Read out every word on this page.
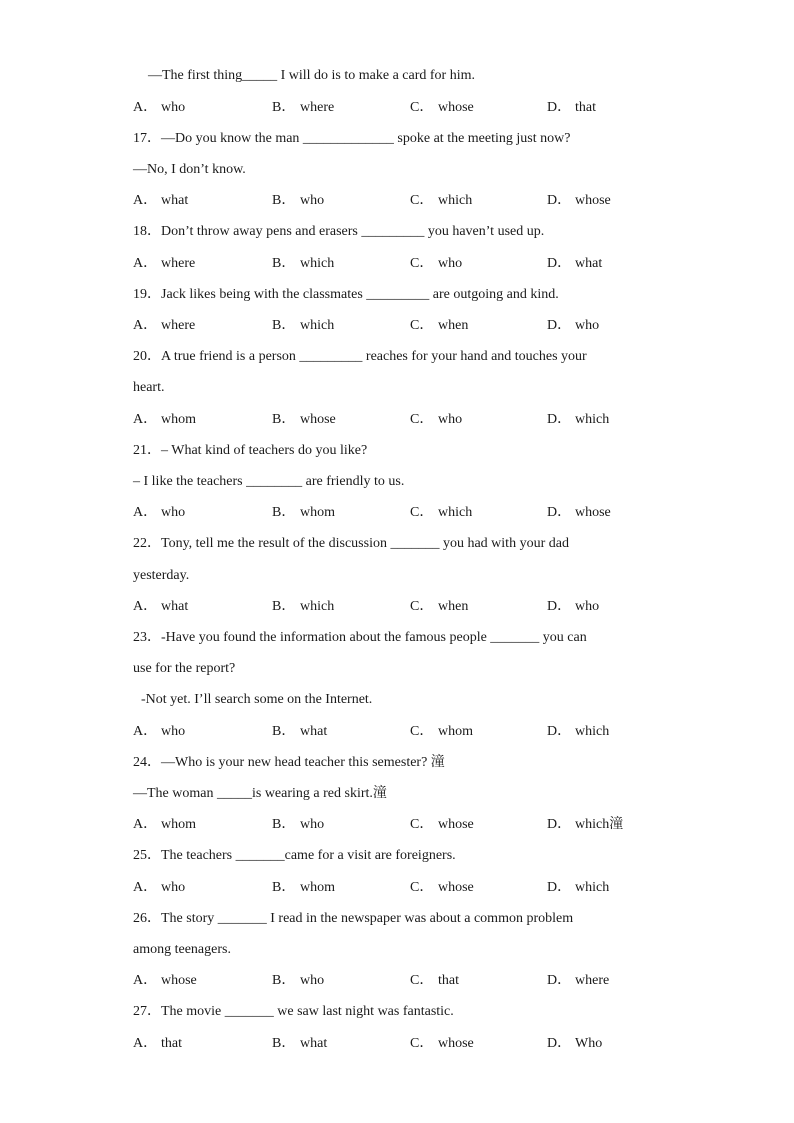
—The first thing_____ I will do is to make a card for him.
A． who	B． where	C． whose	D． that
17．—Do you know the man _____________ spoke at the meeting just now?
—No, I don’t know.
A． what	B． who	C． which	D． whose
18．Don’t throw away pens and erasers _________ you haven’t used up.
A． where	B． which	C． who	D． what
19．Jack likes being with the classmates _________ are outgoing and kind.
A． where	B． which	C． when	D． who
20．A true friend is a person _________ reaches for your hand and touches your
heart.
A． whom	B． whose	C． who	D． which
21．– What kind of teachers do you like?
– I like the teachers ________ are friendly to us.
A． who	B． whom	C． which	D． whose
22．Tony, tell me the result of the discussion _______ you had with your dad
yesterday.
A． what	B． which	C． when	D． who
23．-Have you found the information about the famous people _______ you can
use for the report?
-Not yet. I’ll search some on the Internet.
A． who	B． what	C． whom	D． which
24．—Who is your new head teacher this semester? 潼
—The woman _____is wearing a red skirt.潼
A． whom	B． who	C． whose	D． which潼
25．The teachers _______came for a visit are foreigners.
A． who	B． whom	C． whose	D． which
26．The story _______ I read in the newspaper was about a common problem
among teenagers.
A． whose	B． who	C． that	D． where
27．The movie _______ we saw last night was fantastic.
A． that	B． what	C． whose	D． Who
